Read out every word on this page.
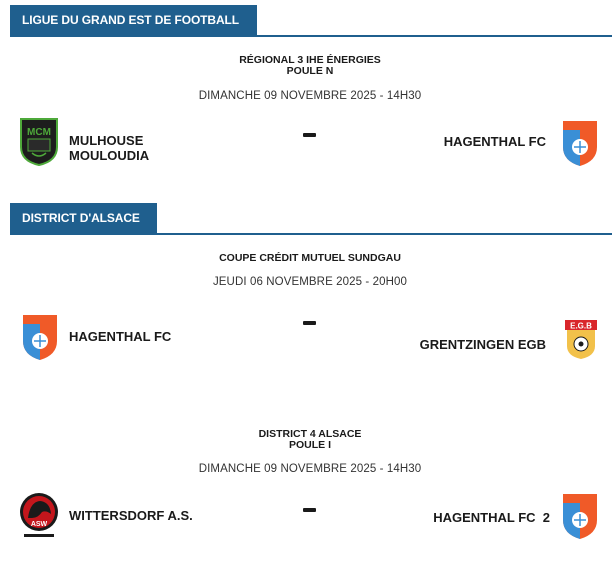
LIGUE DU GRAND EST DE FOOTBALL
RÉGIONAL 3 IHE ÉNERGIES
POULE N
DIMANCHE 09 NOVEMBRE 2025 - 14H30
MCM
MULHOUSE
MOULOUDIA
HAGENTHAL FC
DISTRICT D'ALSACE
COUPE CRÉDIT MUTUEL SUNDGAU
JEUDI 06 NOVEMBRE 2025 - 20H00
HAGENTHAL FC
GRENTZINGEN EGB
E.G.B
DISTRICT 4 ALSACE
POULE I
DIMANCHE 09 NOVEMBRE 2025 - 14H30
ASW
WITTERSDORF A.S.	HAGENTHAL FC 2
